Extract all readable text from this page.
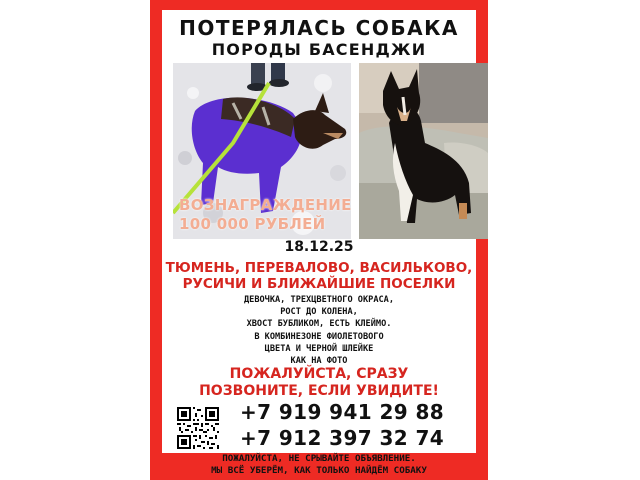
ПОТЕРЯЛАСЬ СОБАКА
ПОРОДЫ БАСЕНДЖИ
ВОЗНАГРАЖДЕНИЕ
100 000 РУБЛЕЙ
18.12.25
ТЮМЕНЬ, ПЕРЕВАЛОВО, ВАСИЛЬКОВО,
РУСИЧИ И БЛИЖАЙШИЕ ПОСЕЛКИ
ДЕВОЧКА, ТРЕХЦВЕТНОГО ОКРАСА,
РОСТ ДО КОЛЕНА,
ХВОСТ БУБЛИКОМ, ЕСТЬ КЛЕЙМО.
В КОМБИНЕЗОНЕ ФИОЛЕТОВОГО
ЦВЕТА И ЧЕРНОЙ ШЛЕЙКЕ
КАК НА ФОТО
ПОЖАЛУЙСТА, СРАЗУ
ПОЗВОНИТЕ, ЕСЛИ УВИДИТЕ!
+7 919 941 29 88
+7 912 397 32 74
ПОЖАЛУЙСТА, НЕ СРЫВАЙТЕ ОБЪЯВЛЕНИЕ.
МЫ ВСЁ УБЕРЁМ, КАК ТОЛЬКО НАЙДЁМ СОБАКУ
